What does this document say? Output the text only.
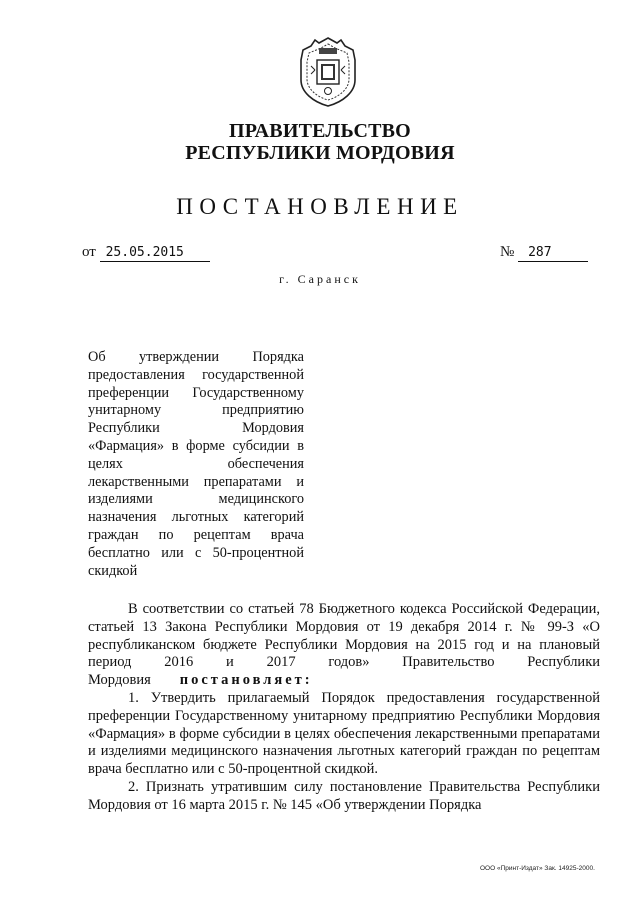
ПРАВИТЕЛЬСТВО
РЕСПУБЛИКИ МОРДОВИЯ
ПОСТАНОВЛЕНИЕ
от 25.05.2015	№ 287
г. Саранск
Об утверждении Порядка предоставления государственной преференции Государственному унитарному предприятию Республики Мордовия «Фармация» в форме субсидии в целях обеспечения лекарственными препаратами и изделиями медицинского назначения льготных категорий граждан по рецептам врача бесплатно или с 50-процентной скидкой

В соответствии со статьей 78 Бюджетного кодекса Российской Федерации, статьей 13 Закона Республики Мордовия от 19 декабря 2014 г. № 99-З «О республиканском бюджете Республики Мордовия на 2015 год и на плановый период 2016 и 2017 годов» Правительство Республики Мордовия постановляет:

1. Утвердить прилагаемый Порядок предоставления государственной преференции Государственному унитарному предприятию Республики Мордовия «Фармация» в форме субсидии в целях обеспечения лекарственными препаратами и изделиями медицинского назначения льготных категорий граждан по рецептам врача бесплатно или с 50-процентной скидкой.

2. Признать утратившим силу постановление Правительства Республики Мордовия от 16 марта 2015 г. № 145 «Об утверждении Порядка

ООО «Принт-Издат» Зак. 14925-2000.
